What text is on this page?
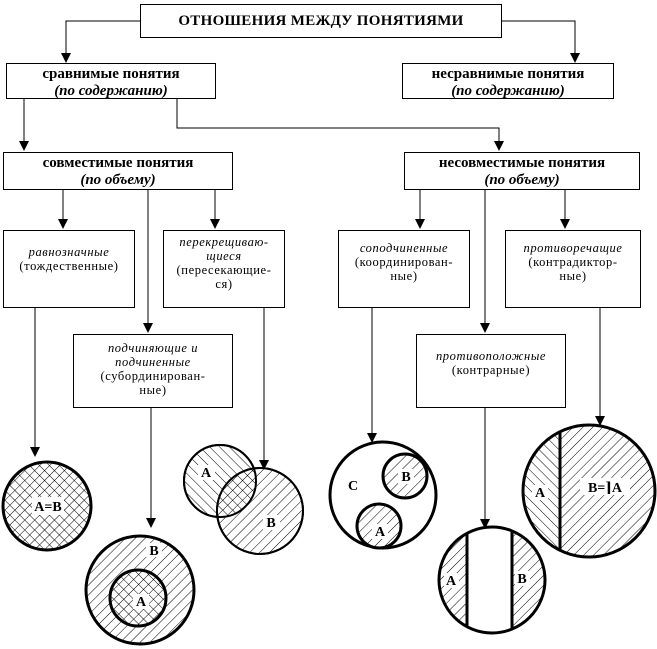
А=В
В
А
А
В
С
В
А
А	В
А	В=⌉А
ОТНОШЕНИЯ МЕЖДУ ПОНЯТИЯМИ
сравнимые понятия
(по содержанию)
несравнимые понятия
(по содержанию)
совместимые понятия
(по объему)
несовместимые понятия
(по объему)
равнозначные
(тождественные)
перекрещиваю-
щиеся
(пересекающие-
ся)
подчиняющие и
подчиненные
(субординирован-
ные)
соподчиненные
(координирован-
ные)
противоречащие
(контрадиктор-
ные)
противоположные
(контрарные)
